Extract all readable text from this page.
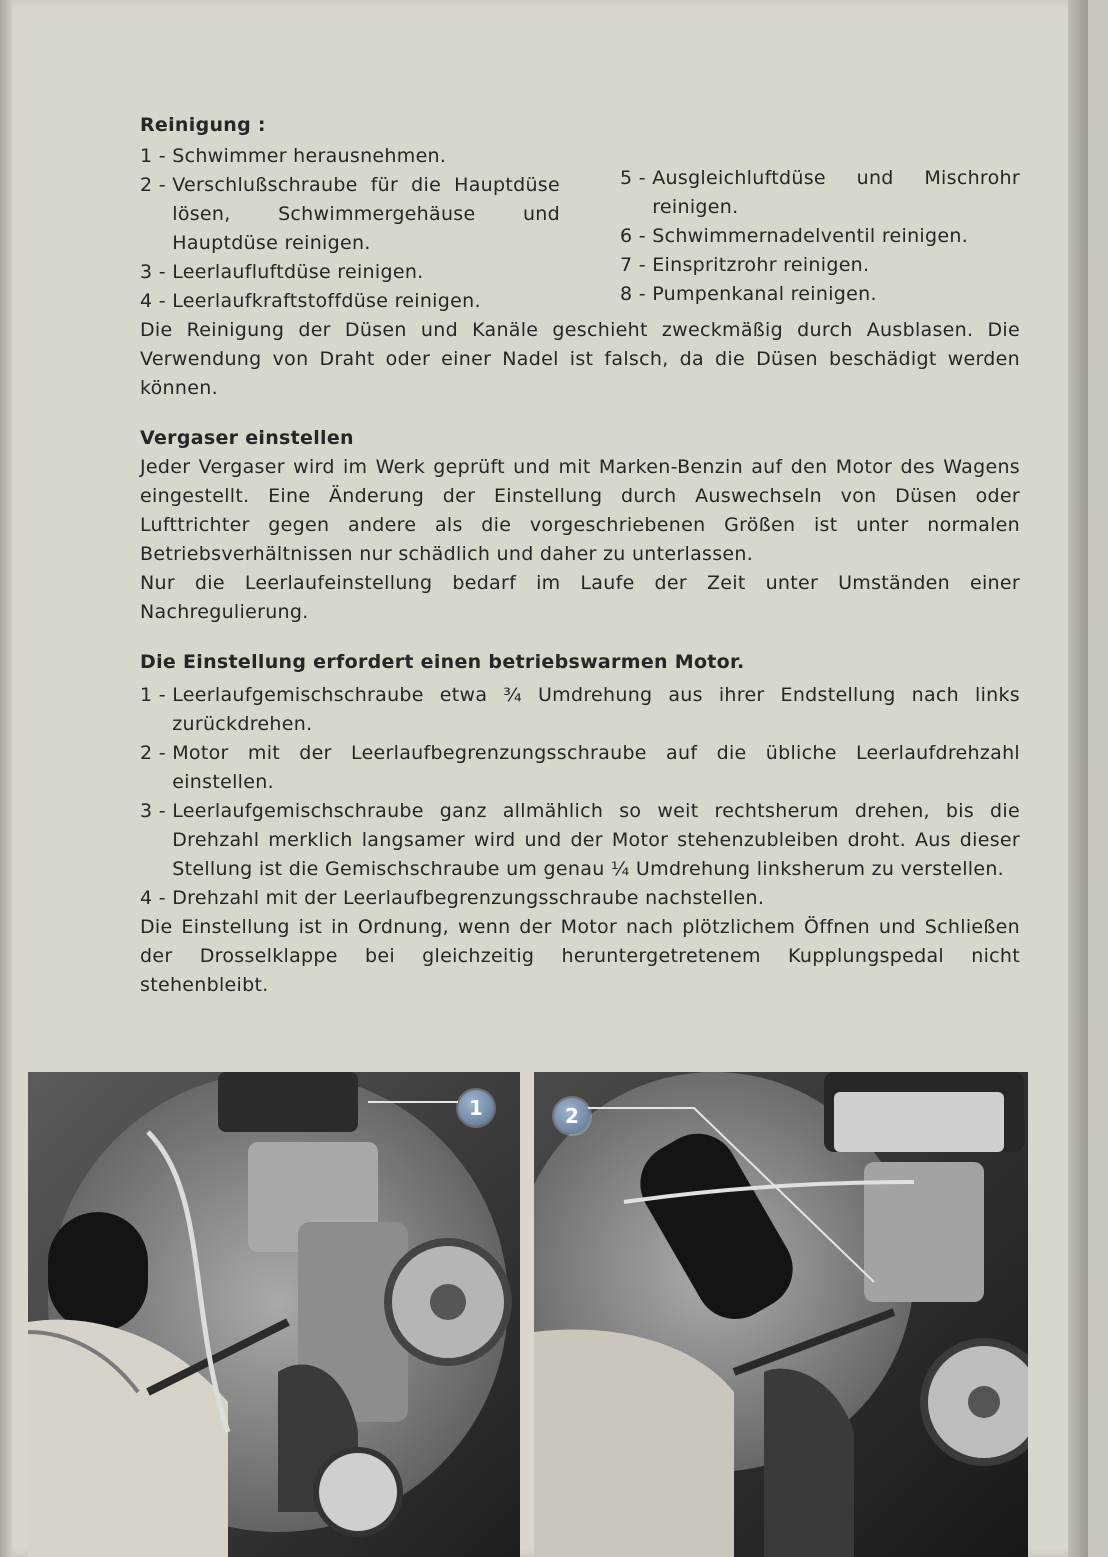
Reinigung :
1 - Schwimmer herausnehmen.
2 - Verschlußschraube für die Hauptdüse lösen, Schwimmergehäuse und Hauptdüse reinigen.
3 - Leerlaufluftdüse reinigen.
4 - Leerlaufkraftstoffdüse reinigen.
5 - Ausgleichluftdüse und Mischrohr reinigen.
6 - Schwimmernadelventil reinigen.
7 - Einspritzrohr reinigen.
8 - Pumpenkanal reinigen.

Die Reinigung der Düsen und Kanäle geschieht zweckmäßig durch Ausblasen. Die Verwendung von Draht oder einer Nadel ist falsch, da die Düsen beschädigt werden können.

Vergaser einstellen

Jeder Vergaser wird im Werk geprüft und mit Marken-Benzin auf den Motor des Wagens eingestellt. Eine Änderung der Einstellung durch Auswechseln von Düsen oder Lufttrichter gegen andere als die vorgeschriebenen Größen ist unter normalen Betriebsverhältnissen nur schädlich und daher zu unterlassen.

Nur die Leerlaufeinstellung bedarf im Laufe der Zeit unter Umständen einer Nachregulierung.

Die Einstellung erfordert einen betriebswarmen Motor.
1 - Leerlaufgemischschraube etwa ¾ Umdrehung aus ihrer Endstellung nach links zurückdrehen.
2 - Motor mit der Leerlaufbegrenzungsschraube auf die übliche Leerlaufdrehzahl einstellen.
3 - Leerlaufgemischschraube ganz allmählich so weit rechtsherum drehen, bis die Drehzahl merklich langsamer wird und der Motor stehenzubleiben droht. Aus dieser Stellung ist die Gemischschraube um genau ¼ Umdrehung linksherum zu verstellen.
4 - Drehzahl mit der Leerlaufbegrenzungsschraube nachstellen.

Die Einstellung ist in Ordnung, wenn der Motor nach plötzlichem Öffnen und Schließen der Drosselklappe bei gleichzeitig heruntergetretenem Kupplungspedal nicht stehenbleibt.

1	2
